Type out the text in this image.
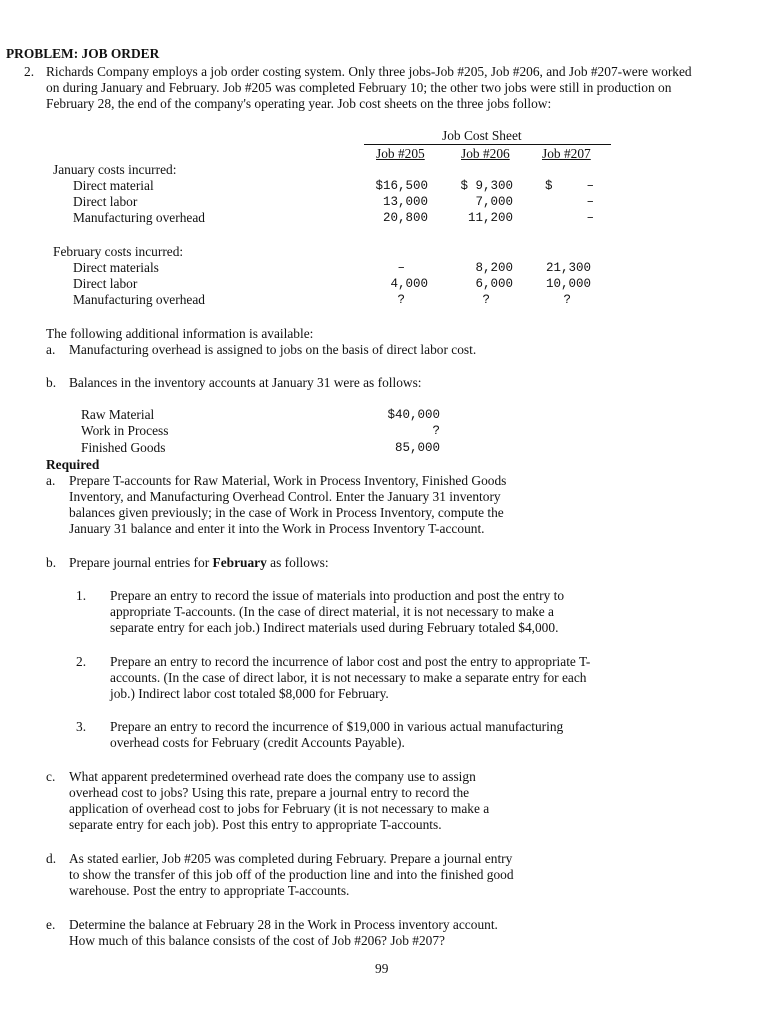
PROBLEM: JOB ORDER
2. Richards Company employs a job order costing system. Only three jobs-Job #205, Job #206, and Job #207-were worked
on during January and February. Job #205 was completed February 10; the other two jobs were still in production on
February 28, the end of the company's operating year. Job cost sheets on the three jobs follow:
Job Cost Sheet
Job #205	Job #206 Job #207
January costs incurred:
Direct material	$16,500	$ 9,300	$	–
Direct labor	13,000	7,000	–
Manufacturing overhead	20,800	11,200	–
February costs incurred:
Direct materials	–	8,200	21,300
Direct labor	4,000	6,000	10,000
Manufacturing overhead	?	?	?
The following additional information is available:
a. Manufacturing overhead is assigned to jobs on the basis of direct labor cost.
b. Balances in the inventory accounts at January 31 were as follows:
Raw Material	$40,000
Work in Process	?
Finished Goods	85,000
Required
a. Prepare T-accounts for Raw Material, Work in Process Inventory, Finished Goods
Inventory, and Manufacturing Overhead Control. Enter the January 31 inventory
balances given previously; in the case of Work in Process Inventory, compute the
January 31 balance and enter it into the Work in Process Inventory T-account.
b. Prepare journal entries for February as follows:
1. Prepare an entry to record the issue of materials into production and post the entry to
appropriate T-accounts. (In the case of direct material, it is not necessary to make a
separate entry for each job.) Indirect materials used during February totaled $4,000.
2. Prepare an entry to record the incurrence of labor cost and post the entry to appropriate T-
accounts. (In the case of direct labor, it is not necessary to make a separate entry for each
job.) Indirect labor cost totaled $8,000 for February.
3. Prepare an entry to record the incurrence of $19,000 in various actual manufacturing
overhead costs for February (credit Accounts Payable).
c. What apparent predetermined overhead rate does the company use to assign
overhead cost to jobs? Using this rate, prepare a journal entry to record the
application of overhead cost to jobs for February (it is not necessary to make a
separate entry for each job). Post this entry to appropriate T-accounts.
d. As stated earlier, Job #205 was completed during February. Prepare a journal entry
to show the transfer of this job off of the production line and into the finished good
warehouse. Post the entry to appropriate T-accounts.
e. Determine the balance at February 28 in the Work in Process inventory account.
How much of this balance consists of the cost of Job #206? Job #207?
99
